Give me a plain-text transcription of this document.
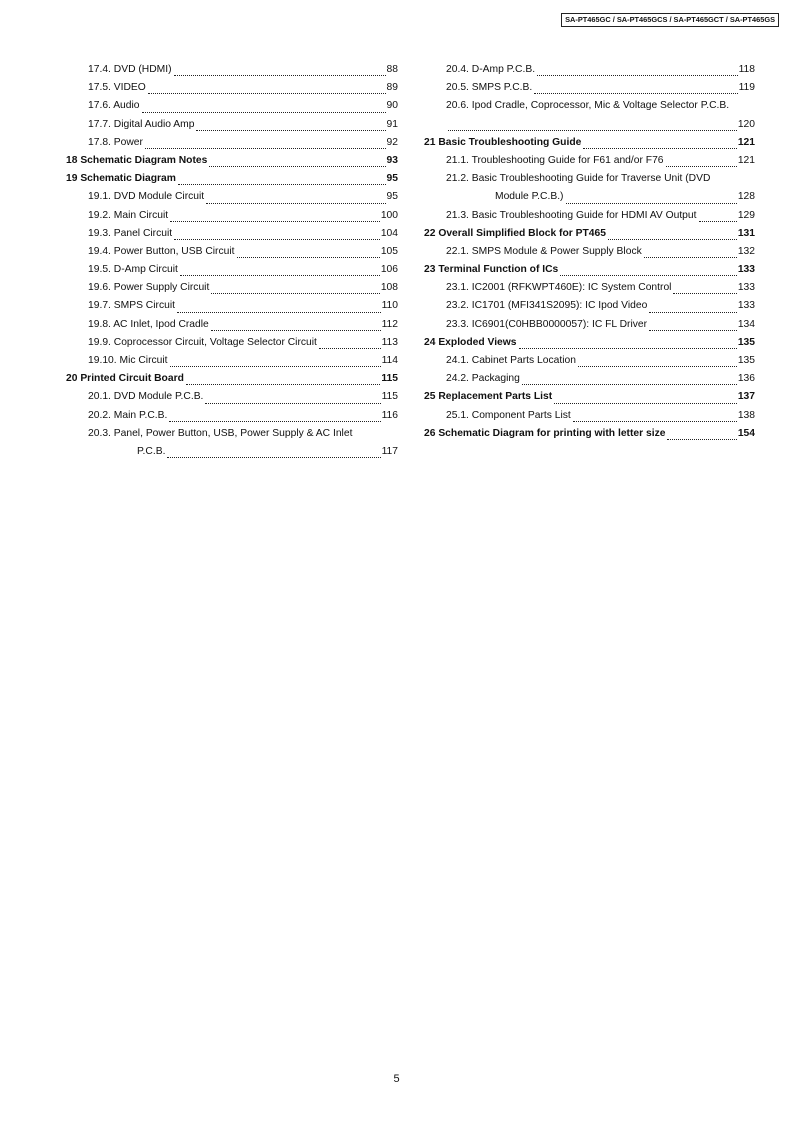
SA-PT465GC / SA-PT465GCS / SA-PT465GCT / SA-PT465GS
17.4. DVD (HDMI)	88
17.5. VIDEO	89
17.6. Audio	90
17.7. Digital Audio Amp	91
17.8. Power	92
18 Schematic Diagram Notes	93
19 Schematic Diagram	95
19.1. DVD Module Circuit	95
19.2. Main Circuit	100
19.3. Panel Circuit	104
19.4. Power Button, USB Circuit	105
19.5. D-Amp Circuit	106
19.6. Power Supply Circuit	108
19.7. SMPS Circuit	110
19.8. AC Inlet, Ipod Cradle	112
19.9. Coprocessor Circuit, Voltage Selector Circuit	113
19.10. Mic Circuit	114
20 Printed Circuit Board	115
20.1. DVD Module P.C.B.	115
20.2. Main P.C.B.	116
20.3. Panel, Power Button, USB, Power Supply & AC Inlet
P.C.B.	117
20.4. D-Amp P.C.B.	118
20.5. SMPS P.C.B.	119
20.6. Ipod Cradle, Coprocessor, Mic & Voltage Selector P.C.B.
120
21 Basic Troubleshooting Guide	121
21.1. Troubleshooting Guide for F61 and/or F76	121
21.2. Basic Troubleshooting Guide for Traverse Unit (DVD
Module P.C.B.)	128
21.3. Basic Troubleshooting Guide for HDMI AV Output	129
22 Overall Simplified Block for PT465	131
22.1. SMPS Module & Power Supply Block	132
23 Terminal Function of ICs	133
23.1. IC2001 (RFKWPT460E): IC System Control	133
23.2. IC1701 (MFI341S2095): IC Ipod Video	133
23.3. IC6901(C0HBB0000057): IC FL Driver	134
24 Exploded Views	135
24.1. Cabinet Parts Location	135
24.2. Packaging	136
25 Replacement Parts List	137
25.1. Component Parts List	138
26 Schematic Diagram for printing with letter size	154
5
